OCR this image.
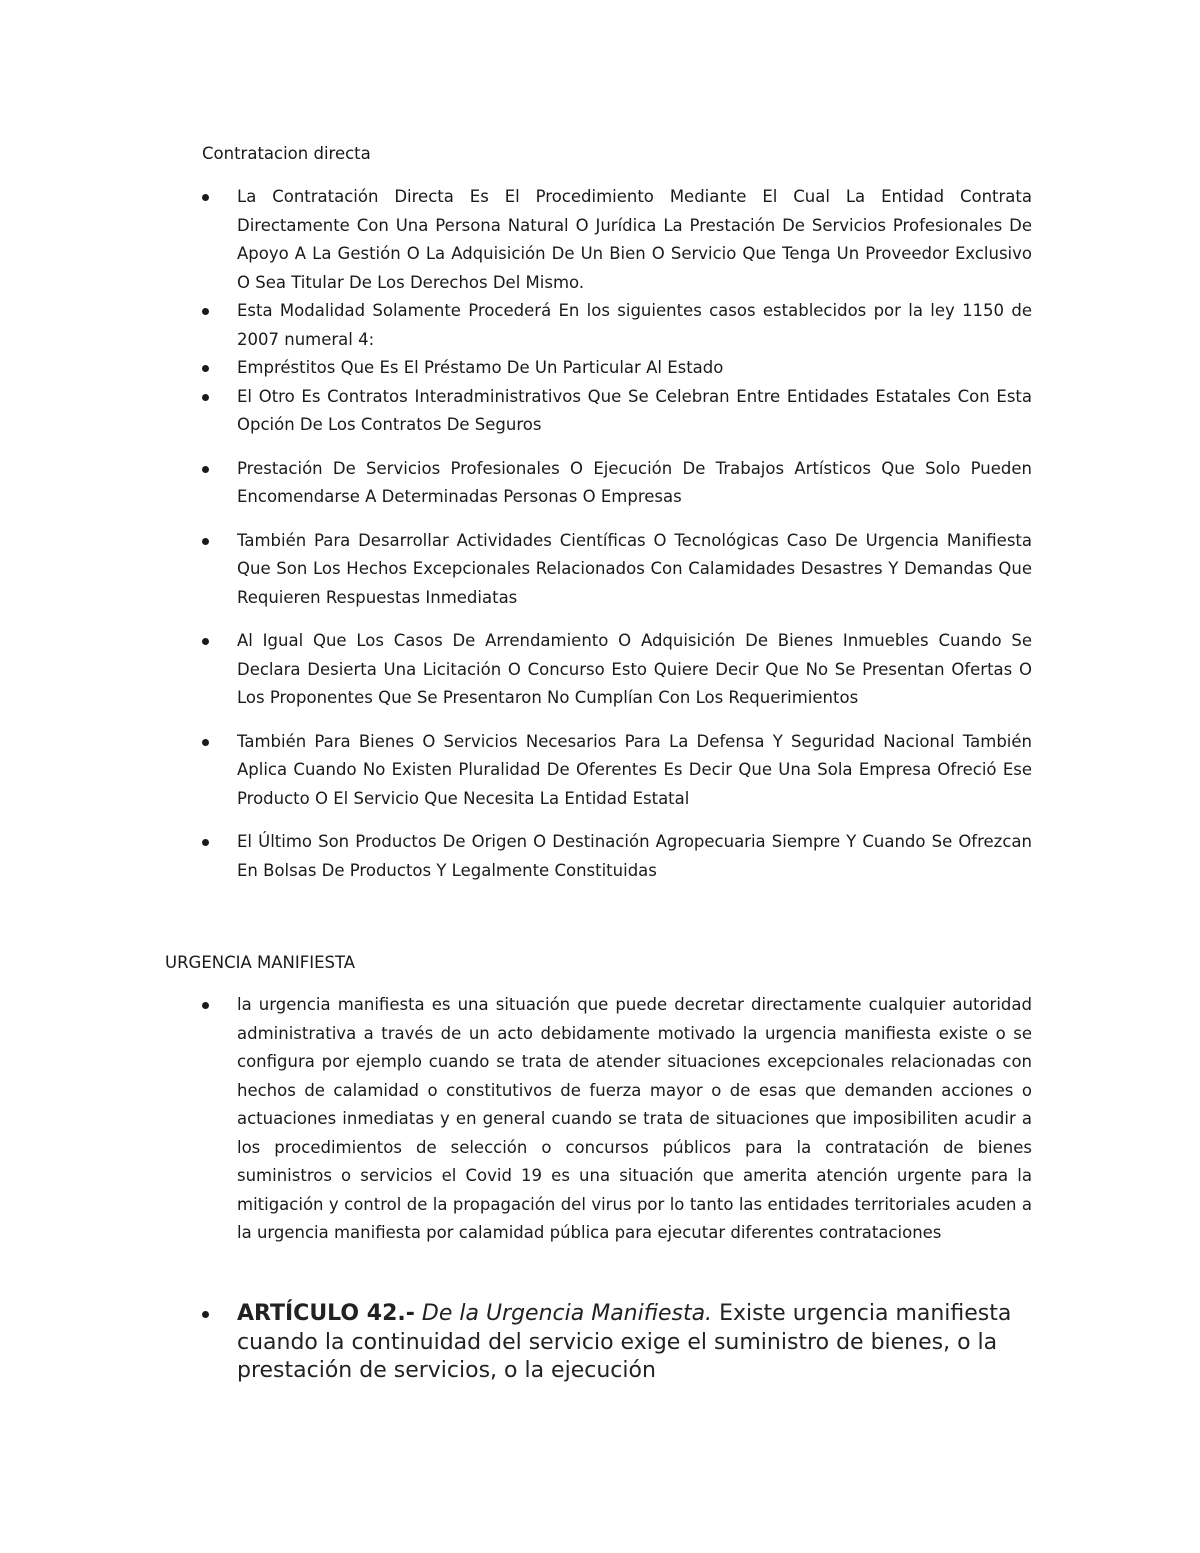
Contratacion directa
La Contratación Directa Es El Procedimiento Mediante El Cual La Entidad Contrata Directamente Con Una Persona Natural O Jurídica La Prestación De Servicios Profesionales De Apoyo A La Gestión O La Adquisición De Un Bien O Servicio Que Tenga Un Proveedor Exclusivo O Sea Titular De Los Derechos Del Mismo.
Esta Modalidad Solamente Procederá En los siguientes casos establecidos por la ley 1150 de 2007 numeral 4:
Empréstitos Que Es El Préstamo De Un Particular Al Estado
El Otro Es Contratos Interadministrativos Que Se Celebran Entre Entidades Estatales Con Esta Opción De Los Contratos De Seguros
Prestación De Servicios Profesionales O Ejecución De Trabajos Artísticos Que Solo Pueden Encomendarse A Determinadas Personas O Empresas
También Para Desarrollar Actividades Científicas O Tecnológicas Caso De Urgencia Manifiesta Que Son Los Hechos Excepcionales Relacionados Con Calamidades Desastres Y Demandas Que Requieren Respuestas Inmediatas
Al Igual Que Los Casos De Arrendamiento O Adquisición De Bienes Inmuebles Cuando Se Declara Desierta Una Licitación O Concurso Esto Quiere Decir Que No Se Presentan Ofertas O Los Proponentes Que Se Presentaron No Cumplían Con Los Requerimientos
También Para Bienes O Servicios Necesarios Para La Defensa Y Seguridad Nacional También Aplica Cuando No Existen Pluralidad De Oferentes Es Decir Que Una Sola Empresa Ofreció Ese Producto O El Servicio Que Necesita La Entidad Estatal
El Último Son Productos De Origen O Destinación Agropecuaria Siempre Y Cuando Se Ofrezcan En Bolsas De Productos Y Legalmente Constituidas
URGENCIA MANIFIESTA
la urgencia manifiesta es una situación que puede decretar directamente cualquier autoridad administrativa a través de un acto debidamente motivado la urgencia manifiesta existe o se configura por ejemplo cuando se trata de atender situaciones excepcionales relacionadas con hechos de calamidad o constitutivos de fuerza mayor o de esas que demanden acciones o actuaciones inmediatas y en general cuando se trata de situaciones que imposibiliten acudir a los procedimientos de selección o concursos públicos para la contratación de bienes suministros o servicios el Covid 19 es una situación que amerita atención urgente para la mitigación y control de la propagación del virus por lo tanto las entidades territoriales acuden a la urgencia manifiesta por calamidad pública para ejecutar diferentes contrataciones
ARTÍCULO 42.- De la Urgencia Manifiesta. Existe urgencia manifiesta cuando la continuidad del servicio exige el suministro de bienes, o la prestación de servicios, o la ejecución
